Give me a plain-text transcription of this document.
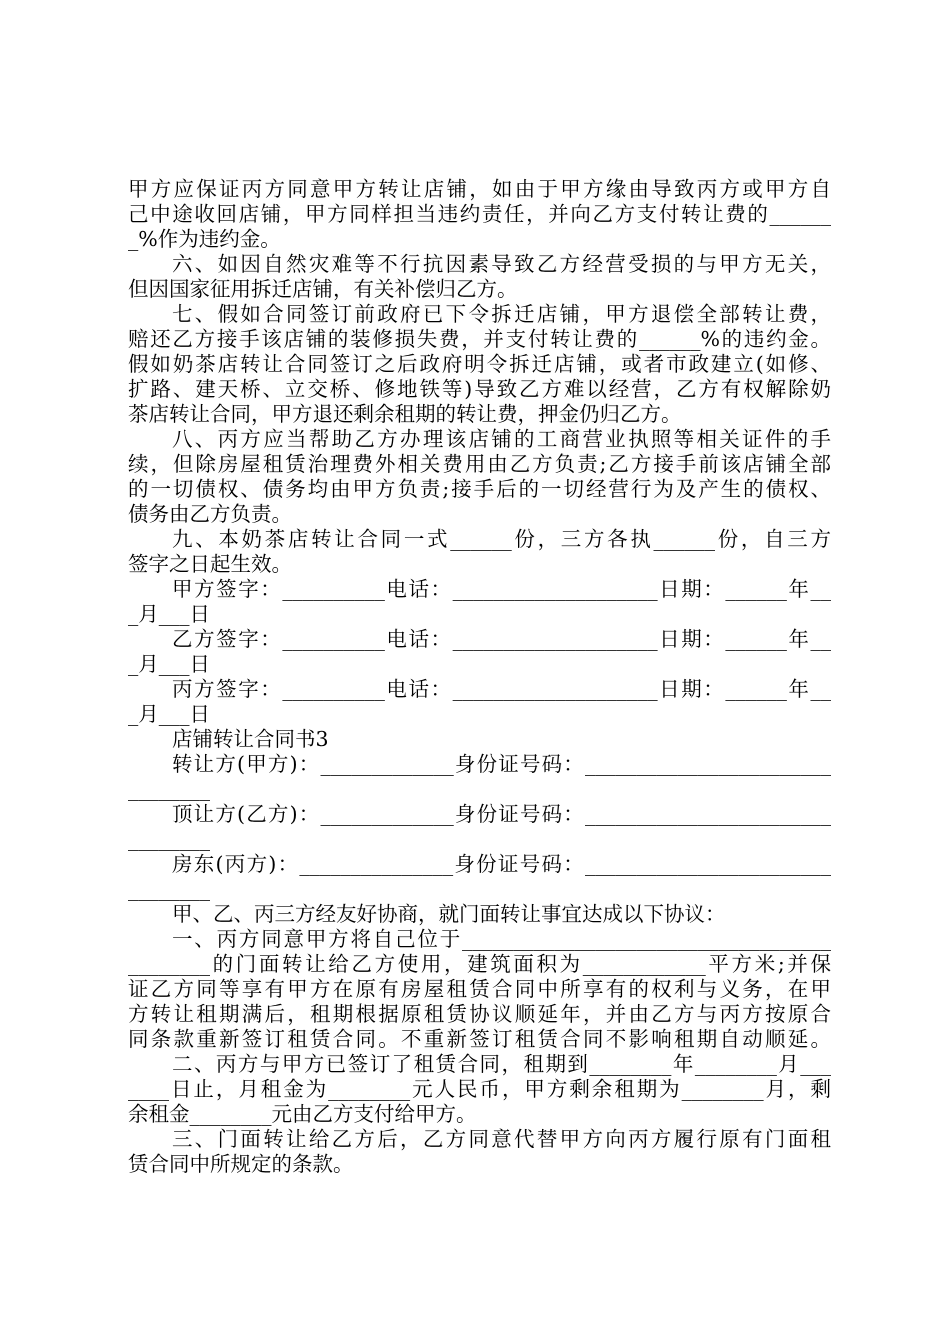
甲方应保证丙方同意甲方转让店铺，如由于甲方缘由导致丙方或甲方自
己中途收回店铺，甲方同样担当违约责任，并向乙方支付转让费的______
_%作为违约金。
六、如因自然灾难等不行抗因素导致乙方经营受损的与甲方无关，
但因国家征用拆迁店铺，有关补偿归乙方。
七、假如合同签订前政府已下令拆迁店铺，甲方退偿全部转让费，
赔还乙方接手该店铺的装修损失费，并支付转让费的______%的违约金。
假如奶茶店转让合同签订之后政府明令拆迁店铺，或者市政建立(如修、
扩路、建天桥、立交桥、修地铁等)导致乙方难以经营，乙方有权解除奶
茶店转让合同，甲方退还剩余租期的转让费，押金仍归乙方。
八、丙方应当帮助乙方办理该店铺的工商营业执照等相关证件的手
续，但除房屋租赁治理费外相关费用由乙方负责;乙方接手前该店铺全部
的一切债权、债务均由甲方负责;接手后的一切经营行为及产生的债权、
债务由乙方负责。
九、本奶茶店转让合同一式______份，三方各执______份，自三方
签字之日起生效。
甲方签字：__________电话：____________________日期：______年__
_月___日
乙方签字：__________电话：____________________日期：______年__
_月___日
丙方签字：__________电话：____________________日期：______年__
_月___日
店铺转让合同书3
转让方(甲方)：_____________身份证号码：________________________
________
顶让方(乙方)：_____________身份证号码：________________________
________
房东(丙方)：_______________身份证号码：________________________
________
甲、乙、丙三方经友好协商，就门面转让事宜达成以下协议：
一、丙方同意甲方将自己位于____________________________________
________的门面转让给乙方使用，建筑面积为____________平方米;并保
证乙方同等享有甲方在原有房屋租赁合同中所享有的权利与义务，在甲
方转让租期满后，租期根据原租赁协议顺延年，并由乙方与丙方按原合
同条款重新签订租赁合同。不重新签订租赁合同不影响租期自动顺延。
二、丙方与甲方已签订了租赁合同，租期到________年________月___
____日止，月租金为________元人民币，甲方剩余租期为________月，剩
余租金________元由乙方支付给甲方。
三、门面转让给乙方后，乙方同意代替甲方向丙方履行原有门面租
赁合同中所规定的条款。
